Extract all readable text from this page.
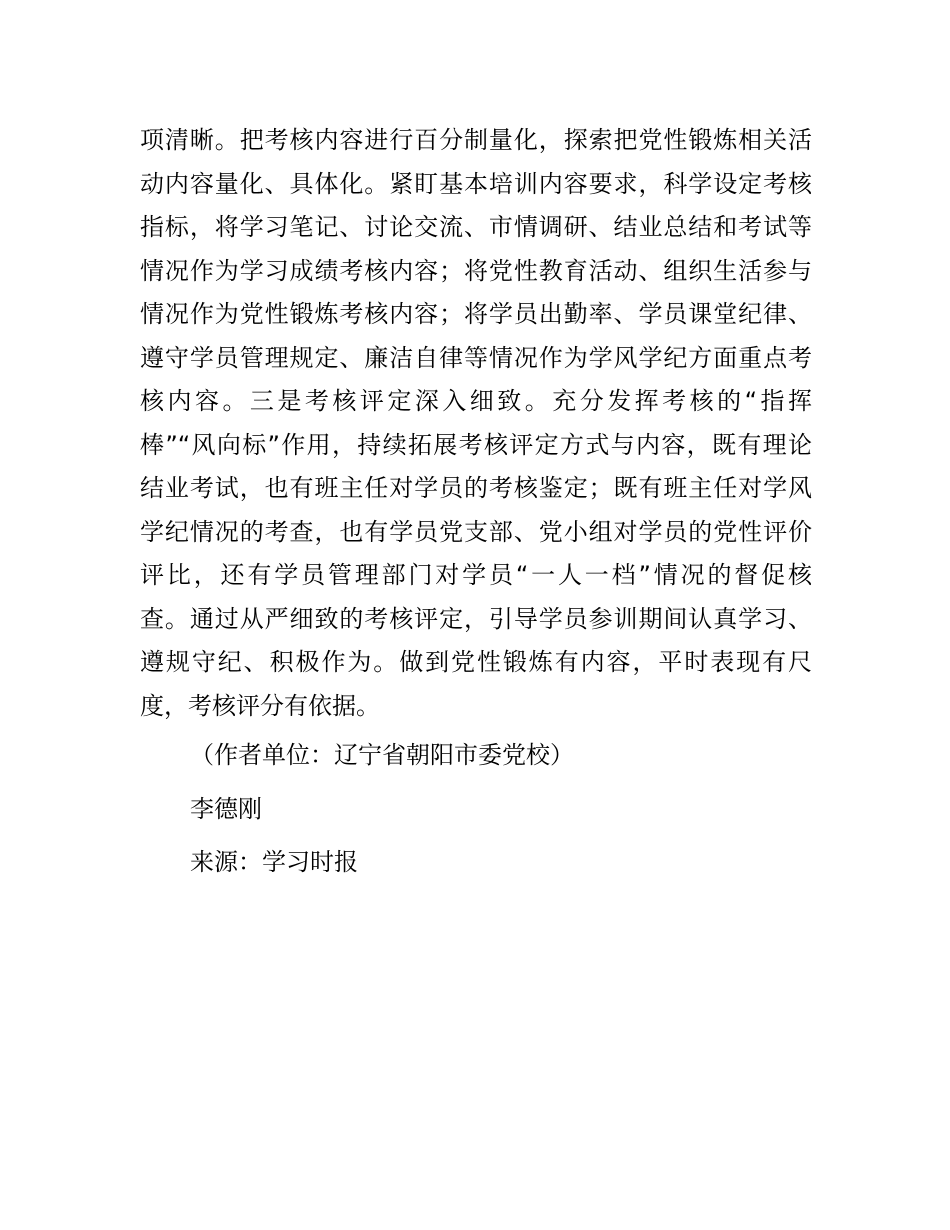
项清晰。把考核内容进行百分制量化，探索把党性锻炼相关活
动内容量化、具体化。紧盯基本培训内容要求，科学设定考核
指标，将学习笔记、讨论交流、市情调研、结业总结和考试等
情况作为学习成绩考核内容；将党性教育活动、组织生活参与
情况作为党性锻炼考核内容；将学员出勤率、学员课堂纪律、
遵守学员管理规定、廉洁自律等情况作为学风学纪方面重点考
核内容。三是考核评定深入细致。充分发挥考核的“指挥
棒”“风向标”作用，持续拓展考核评定方式与内容，既有理论
结业考试，也有班主任对学员的考核鉴定；既有班主任对学风
学纪情况的考查，也有学员党支部、党小组对学员的党性评价
评比，还有学员管理部门对学员“一人一档”情况的督促核
查。通过从严细致的考核评定，引导学员参训期间认真学习、
遵规守纪、积极作为。做到党性锻炼有内容，平时表现有尺
度，考核评分有依据。

（作者单位：辽宁省朝阳市委党校）

李德刚

来源：学习时报
